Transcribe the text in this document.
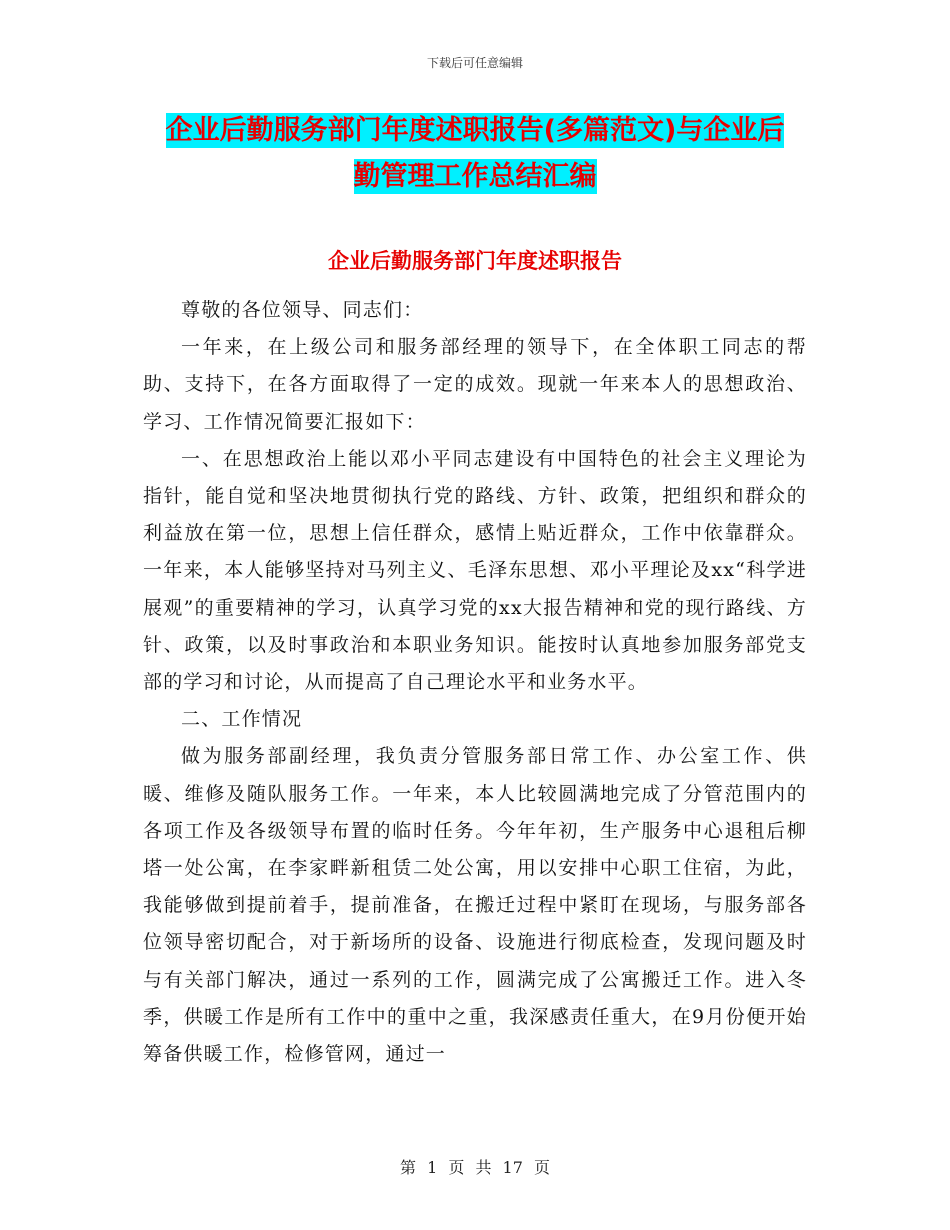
下载后可任意编辑
企业后勤服务部门年度述职报告(多篇范文)与企业后
勤管理工作总结汇编
企业后勤服务部门年度述职报告

尊敬的各位领导、同志们：

一年来，在上级公司和服务部经理的领导下，在全体职工同志的帮助、支持下，在各方面取得了一定的成效。现就一年来本人的思想政治、学习、工作情况简要汇报如下：

一、在思想政治上能以邓小平同志建设有中国特色的社会主义理论为指针，能自觉和坚决地贯彻执行党的路线、方针、政策，把组织和群众的利益放在第一位，思想上信任群众，感情上贴近群众，工作中依靠群众。一年来，本人能够坚持对马列主义、毛泽东思想、邓小平理论及xx“科学进展观”的重要精神的学习，认真学习党的xx大报告精神和党的现行路线、方针、政策，以及时事政治和本职业务知识。能按时认真地参加服务部党支部的学习和讨论，从而提高了自己理论水平和业务水平。

二、工作情况

做为服务部副经理，我负责分管服务部日常工作、办公室工作、供暖、维修及随队服务工作。一年来，本人比较圆满地完成了分管范围内的各项工作及各级领导布置的临时任务。今年年初，生产服务中心退租后柳塔一处公寓，在李家畔新租赁二处公寓，用以安排中心职工住宿，为此，我能够做到提前着手，提前准备，在搬迁过程中紧盯在现场，与服务部各位领导密切配合，对于新场所的设备、设施进行彻底检查，发现问题及时与有关部门解决，通过一系列的工作，圆满完成了公寓搬迁工作。进入冬季，供暖工作是所有工作中的重中之重，我深感责任重大，在9月份便开始筹备供暖工作，检修管网，通过一

第 1 页 共 17 页
